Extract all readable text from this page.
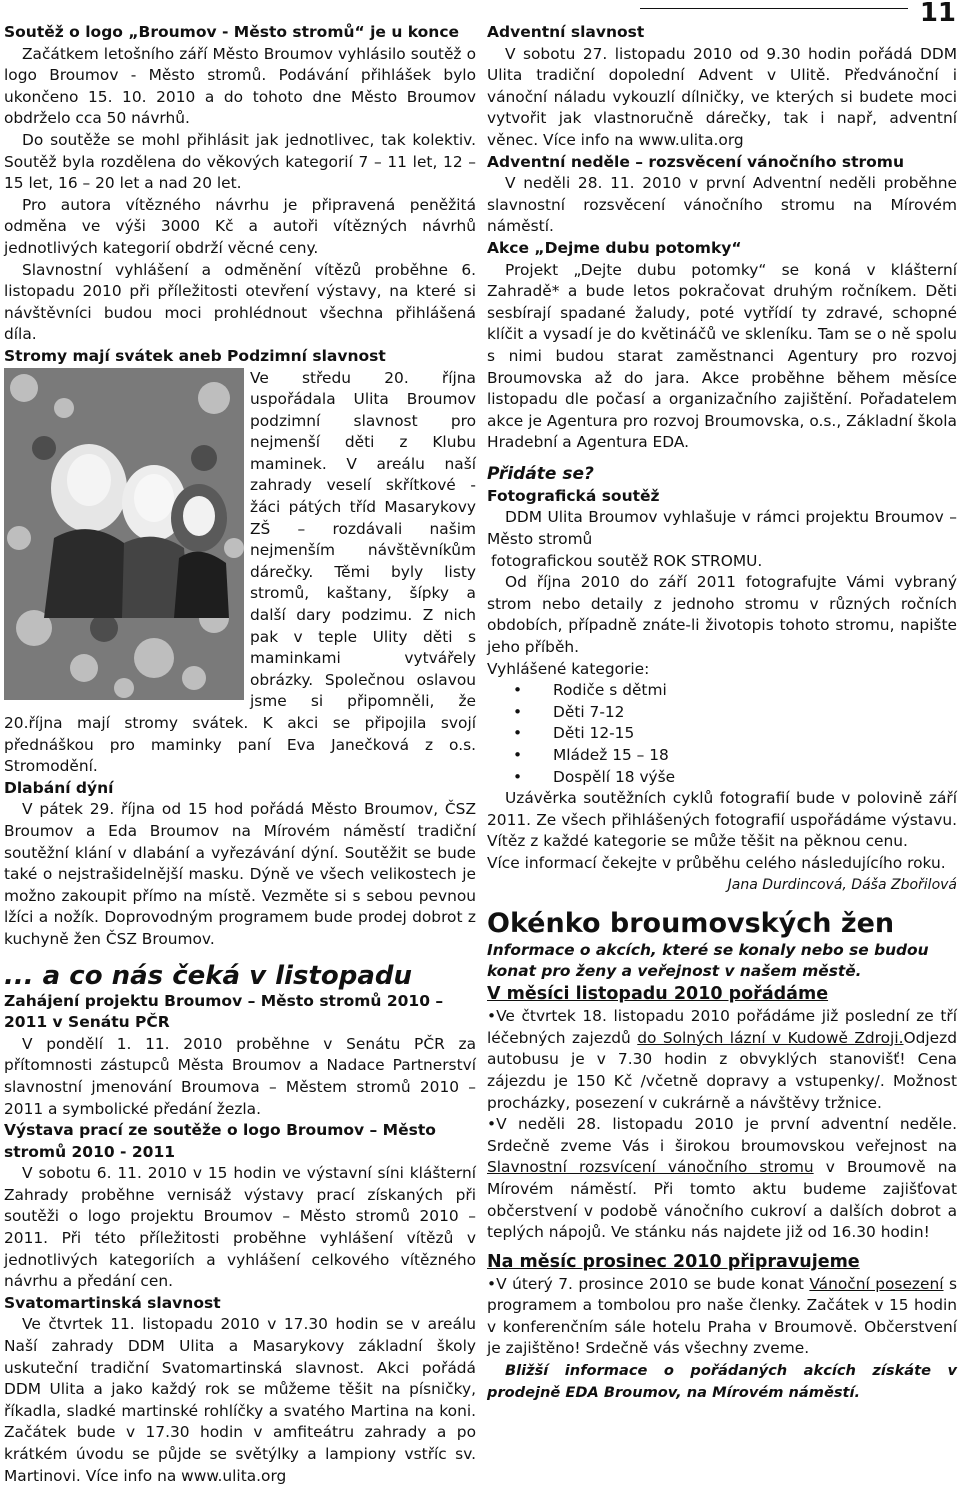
11
Soutěž o logo „Broumov - Město stromů“ je u konce

Začátkem letošního září Město Broumov vyhlásilo soutěž o logo Broumov - Město stromů. Podávání přihlášek bylo ukončeno 15. 10. 2010 a do tohoto dne Město Broumov obdrželo cca 50 návrhů.

Do soutěže se mohl přihlásit jak jednotlivec, tak kolektiv. Soutěž byla rozdělena do věkových kategorií 7 – 11 let, 12 – 15 let, 16 – 20 let a nad 20 let.

Pro autora vítězného návrhu je připravená peněžitá odměna ve výši 3000 Kč a autoři vítězných návrhů jednotlivých kategorií obdrží věcné ceny.

Slavnostní vyhlášení a odměnění vítězů proběhne 6. listopadu 2010 při příležitosti otevření výstavy, na které si návštěvníci budou moci prohlédnout všechna přihlášená díla.

Stromy mají svátek aneb Podzimní slavnost

Ve středu 20. října uspořádala Ulita Broumov podzimní slavnost pro nejmenší děti z Klubu maminek. V areálu naší zahrady veselí skřítkové - žáci pátých tříd Masarykovy ZŠ – rozdávali našim nejmenším návštěvníkům dárečky. Těmi byly listy stromů, kaštany, šípky a další dary podzimu. Z nich pak v teple Ulity děti s maminkami vytvářely obrázky. Společnou oslavou jsme si připomněli, že 20.října mají stromy svátek. K akci se připojila svojí přednáškou pro maminky paní Eva Janečková z o.s. Stromodění.

Dlabání dýní

V pátek 29. října od 15 hod pořádá Město Broumov, ČSZ Broumov a Eda Broumov na Mírovém náměstí tradiční soutěžní klání v dlabání a vyřezávání dýní. Soutěžit se bude také o nejstrašidelnější masku. Dýně ve všech velikostech je možno zakoupit přímo na místě. Vezměte si s sebou pevnou lžíci a nožík. Doprovodným programem bude prodej dobrot z kuchyně žen ČSZ Broumov.

... a co nás čeká v listopadu
Zahájení projektu Broumov – Město stromů 2010 – 2011 v Senátu PČR

V pondělí 1. 11. 2010 proběhne v Senátu PČR za přítomnosti zástupců Města Broumov a Nadace Partnerství slavnostní jmenování Broumova – Městem stromů 2010 – 2011 a symbolické předání žezla.

Výstava prací ze soutěže o logo Broumov – Město stromů 2010 - 2011

V sobotu 6. 11. 2010 v 15 hodin ve výstavní síni klášterní Zahrady proběhne vernisáž výstavy prací získaných při soutěži o logo projektu Broumov – Město stromů 2010 – 2011. Při této příležitosti proběhne vyhlášení vítězů v jednotlivých kategoriích a vyhlášení celkového vítězného návrhu a předání cen.

Svatomartinská slavnost

Ve čtvrtek 11. listopadu 2010 v 17.30 hodin se v areálu Naší zahrady DDM Ulita a Masarykovy základní školy uskuteční tradiční Svatomartinská slavnost. Akci pořádá DDM Ulita a jako každý rok se můžeme těšit na písničky, říkadla, sladké martinské rohlíčky a svatého Martina na koni. Začátek bude v 17.30 hodin v amfiteátru zahrady a po krátkém úvodu se půjde se světýlky a lampiony vstříc sv. Martinovi. Více info na www.ulita.org

Adventní slavnost

V sobotu 27. listopadu 2010 od 9.30 hodin pořádá DDM Ulita tradiční dopolední Advent v Ulitě. Předvánoční i vánoční náladu vykouzlí dílničky, ve kterých si budete moci vytvořit jak vlastnoručně dárečky, tak i např, adventní věnec. Více info na www.ulita.org

Adventní neděle – rozsvěcení vánočního stromu

V neděli 28. 11. 2010 v první Adventní neděli proběhne slavnostní rozsvěcení vánočního stromu na Mírovém náměstí.

Akce „Dejme dubu potomky“

Projekt „Dejte dubu potomky“ se koná v klášterní Zahradě* a bude letos pokračovat druhým ročníkem. Děti sesbírají spadané žaludy, poté vytřídí ty zdravé, schopné klíčit a vysadí je do květináčů ve skleníku. Tam se o ně spolu s nimi budou starat zaměstnanci Agentury pro rozvoj Broumovska až do jara. Akce proběhne během měsíce listopadu dle počasí a organizačního zajištění. Pořadatelem akce je Agentura pro rozvoj Broumovska, o.s., Základní škola Hradební a Agentura EDA.

Přidáte se?
Fotografická soutěž

DDM Ulita Broumov vyhlašuje v rámci projektu Broumov – Město stromů

fotografickou soutěž ROK STROMU.

Od října 2010 do září 2011 fotografujte Vámi vybraný strom nebo detaily z jednoho stromu v různých ročních obdobích, případně znáte-li životopis tohoto stromu, napište jeho příběh.

Vyhlášené kategorie:

• Rodiče s dětmi
• Děti 7-12
• Děti 12-15
• Mládež 15 – 18
• Dospělí 18 výše

Uzávěrka soutěžních cyklů fotografií bude v polovině září 2011. Ze všech přihlášených fotografií uspořádáme výstavu. Vítěz z každé kategorie se může těšit na pěknou cenu.

Více informací čekejte v průběhu celého následujícího roku.

Jana Durdincová, Dáša Zbořilová
Okénko broumovských žen
Informace o akcích, které se konaly nebo se budou konat pro ženy a veřejnost v našem městě.
V měsíci listopadu 2010 pořádáme

•Ve čtvrtek 18. listopadu 2010 pořádáme již poslední ze tří léčebných zajezdů do Solných lázní v Kudowě Zdroji.Odjezd autobusu je v 7.30 hodin z obvyklých stanovišť! Cena zájezdu je 150 Kč /včetně dopravy a vstupenky/. Možnost procházky, posezení v cukrárně a návštěvy tržnice.

•V neděli 28. listopadu 2010 je první adventní neděle. Srdečně zveme Vás i širokou broumovskou veřejnost na Slavnostní rozsvícení vánočního stromu v Broumově na Mírovém náměstí. Při tomto aktu budeme zajišťovat občerstvení v podobě vánočního cukroví a dalších dobrot a teplých nápojů. Ve stánku nás najdete již od 16.30 hodin!

Na měsíc prosinec 2010 připravujeme

•V úterý 7. prosince 2010 se bude konat Vánoční posezení s programem a tombolou pro naše členky. Začátek v 15 hodin v konferenčním sále hotelu Praha v Broumově. Občerstvení je zajištěno! Srdečně vás všechny zveme.

Bližší informace o pořádaných akcích získáte v prodejně EDA Broumov, na Mírovém náměstí.
